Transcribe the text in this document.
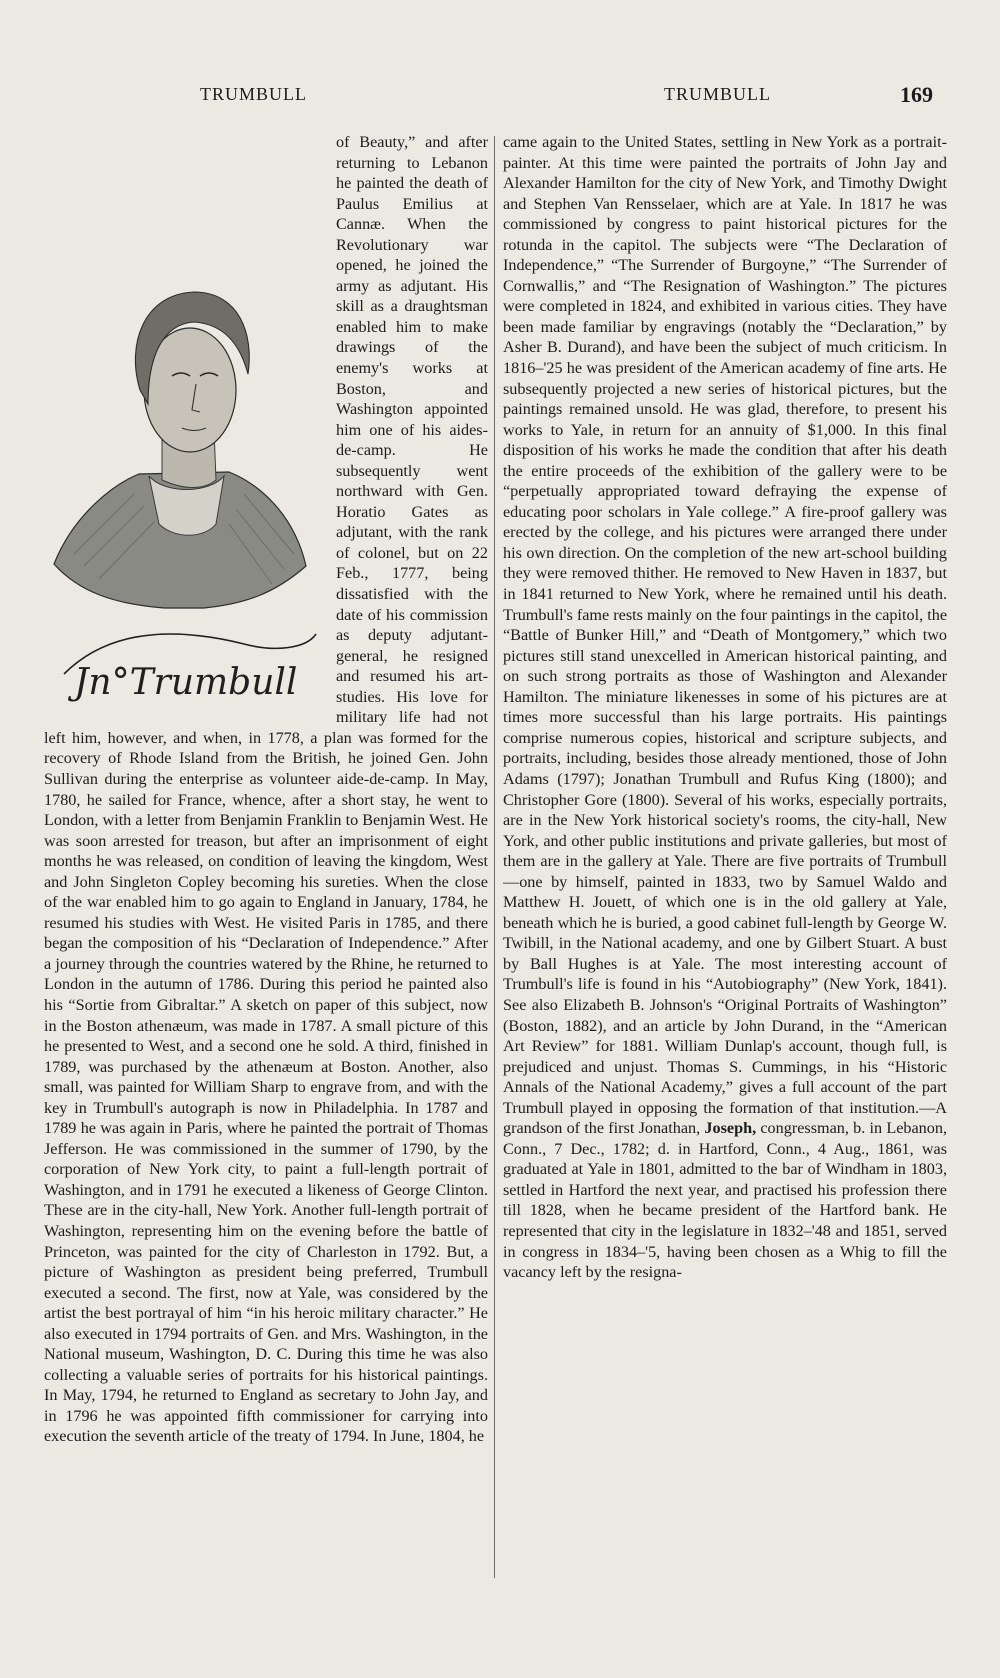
TRUMBULL	TRUMBULL	169
Jn°Trumbull

of Beauty,” and after returning to Lebanon he painted the death of Paulus Emilius at Cannæ. When the Revolutionary war opened, he joined the army as adjutant. His skill as a draughtsman enabled him to make drawings of the enemy's works at Boston, and Washington appointed him one of his aides-de-camp. He subsequently went northward with Gen. Horatio Gates as adjutant, with the rank of colonel, but on 22 Feb., 1777, being dissatisfied with the date of his commission as deputy adjutant-general, he resigned and resumed his art-studies. His love for military life had not left him, however, and when, in 1778, a plan was formed for the recovery of Rhode Island from the British, he joined Gen. John Sullivan during the enterprise as volunteer aide-de-camp. In May, 1780, he sailed for France, whence, after a short stay, he went to London, with a letter from Benjamin Franklin to Benjamin West. He was soon arrested for treason, but after an imprisonment of eight months he was released, on condition of leaving the kingdom, West and John Singleton Copley becoming his sureties. When the close of the war enabled him to go again to England in January, 1784, he resumed his studies with West. He visited Paris in 1785, and there began the composition of his “Declaration of Independence.” After a journey through the countries watered by the Rhine, he returned to London in the autumn of 1786. During this period he painted also his “Sortie from Gibraltar.” A sketch on paper of this subject, now in the Boston athenæum, was made in 1787. A small picture of this he presented to West, and a second one he sold. A third, finished in 1789, was purchased by the athenæum at Boston. Another, also small, was painted for William Sharp to engrave from, and with the key in Trumbull's autograph is now in Philadelphia. In 1787 and 1789 he was again in Paris, where he painted the portrait of Thomas Jefferson. He was commissioned in the summer of 1790, by the corporation of New York city, to paint a full-length portrait of Washington, and in 1791 he executed a likeness of George Clinton. These are in the city-hall, New York. Another full-length portrait of Washington, representing him on the evening before the battle of Princeton, was painted for the city of Charleston in 1792. But, a picture of Washington as president being preferred, Trumbull executed a second. The first, now at Yale, was considered by the artist the best portrayal of him “in his heroic military character.” He also executed in 1794 portraits of Gen. and Mrs. Washington, in the National museum, Washington, D. C. During this time he was also collecting a valuable series of portraits for his historical paintings. In May, 1794, he returned to England as secretary to John Jay, and in 1796 he was appointed fifth commissioner for carrying into execution the seventh article of the treaty of 1794. In June, 1804, he

came again to the United States, settling in New York as a portrait-painter. At this time were painted the portraits of John Jay and Alexander Hamilton for the city of New York, and Timothy Dwight and Stephen Van Rensselaer, which are at Yale. In 1817 he was commissioned by congress to paint historical pictures for the rotunda in the capitol. The subjects were “The Declaration of Independence,” “The Surrender of Burgoyne,” “The Surrender of Cornwallis,” and “The Resignation of Washington.” The pictures were completed in 1824, and exhibited in various cities. They have been made familiar by engravings (notably the “Declaration,” by Asher B. Durand), and have been the subject of much criticism. In 1816–'25 he was president of the American academy of fine arts. He subsequently projected a new series of historical pictures, but the paintings remained unsold. He was glad, therefore, to present his works to Yale, in return for an annuity of $1,000. In this final disposition of his works he made the condition that after his death the entire proceeds of the exhibition of the gallery were to be “perpetually appropriated toward defraying the expense of educating poor scholars in Yale college.” A fire-proof gallery was erected by the college, and his pictures were arranged there under his own direction. On the completion of the new art-school building they were removed thither. He removed to New Haven in 1837, but in 1841 returned to New York, where he remained until his death. Trumbull's fame rests mainly on the four paintings in the capitol, the “Battle of Bunker Hill,” and “Death of Montgomery,” which two pictures still stand unexcelled in American historical painting, and on such strong portraits as those of Washington and Alexander Hamilton. The miniature likenesses in some of his pictures are at times more successful than his large portraits. His paintings comprise numerous copies, historical and scripture subjects, and portraits, including, besides those already mentioned, those of John Adams (1797); Jonathan Trumbull and Rufus King (1800); and Christopher Gore (1800). Several of his works, especially portraits, are in the New York historical society's rooms, the city-hall, New York, and other public institutions and private galleries, but most of them are in the gallery at Yale. There are five portraits of Trumbull—one by himself, painted in 1833, two by Samuel Waldo and Matthew H. Jouett, of which one is in the old gallery at Yale, beneath which he is buried, a good cabinet full-length by George W. Twibill, in the National academy, and one by Gilbert Stuart. A bust by Ball Hughes is at Yale. The most interesting account of Trumbull's life is found in his “Autobiography” (New York, 1841). See also Elizabeth B. Johnson's “Original Portraits of Washington” (Boston, 1882), and an article by John Durand, in the “American Art Review” for 1881. William Dunlap's account, though full, is prejudiced and unjust. Thomas S. Cummings, in his “Historic Annals of the National Academy,” gives a full account of the part Trumbull played in opposing the formation of that institution.—A grandson of the first Jonathan, Joseph, congressman, b. in Lebanon, Conn., 7 Dec., 1782; d. in Hartford, Conn., 4 Aug., 1861, was graduated at Yale in 1801, admitted to the bar of Windham in 1803, settled in Hartford the next year, and practised his profession there till 1828, when he became president of the Hartford bank. He represented that city in the legislature in 1832–'48 and 1851, served in congress in 1834–'5, having been chosen as a Whig to fill the vacancy left by the resigna-
